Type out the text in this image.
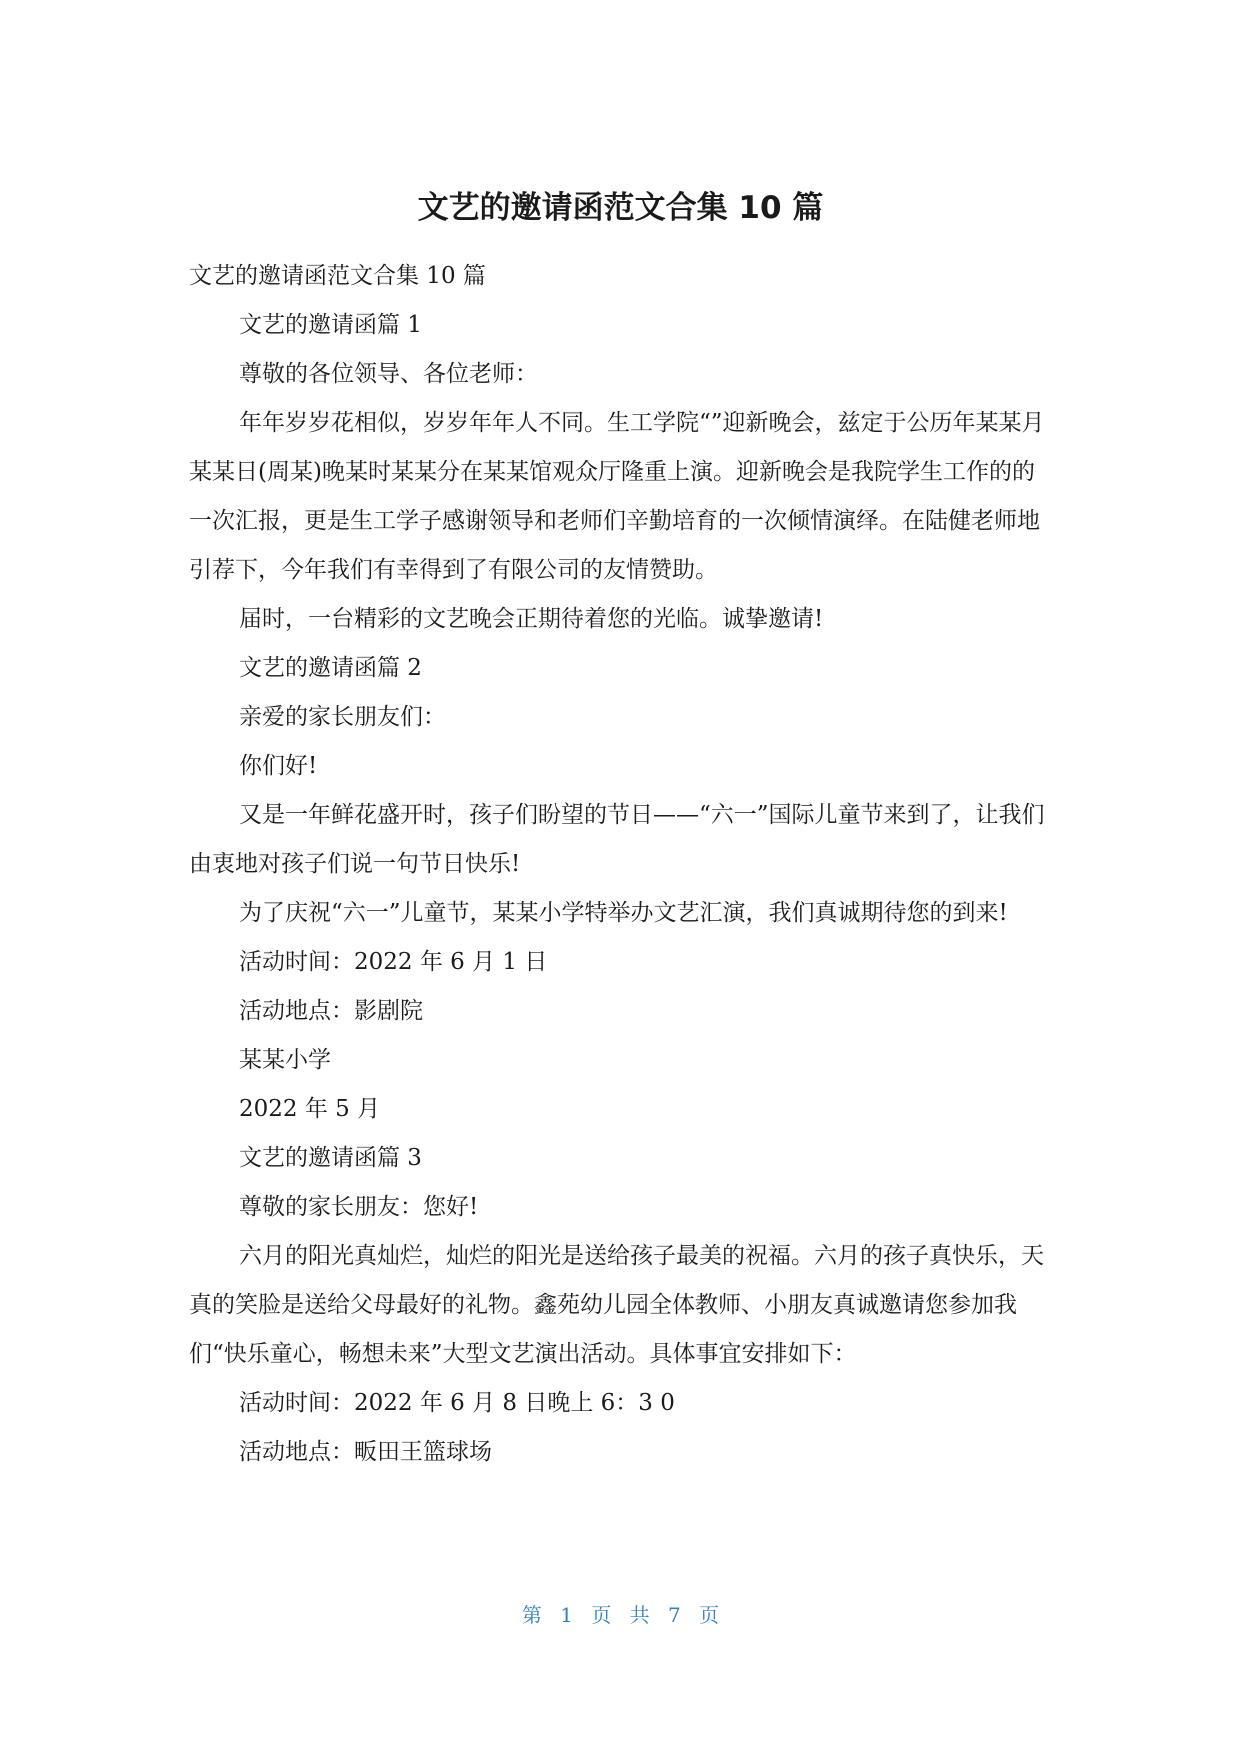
文艺的邀请函范文合集 10 篇

文艺的邀请函范文合集 10 篇

文艺的邀请函篇 1

尊敬的各位领导、各位老师：

年年岁岁花相似，岁岁年年人不同。生工学院“”迎新晚会，兹定于公历年某某月某某日(周某)晚某时某某分在某某馆观众厅隆重上演。迎新晚会是我院学生工作的的一次汇报，更是生工学子感谢领导和老师们辛勤培育的一次倾情演绎。在陆健老师地引荐下，今年我们有幸得到了有限公司的友情赞助。

届时，一台精彩的文艺晚会正期待着您的光临。诚挚邀请!

文艺的邀请函篇 2

亲爱的家长朋友们：

你们好!

又是一年鲜花盛开时，孩子们盼望的节日——“六一”国际儿童节来到了，让我们由衷地对孩子们说一句节日快乐!

为了庆祝“六一”儿童节，某某小学特举办文艺汇演，我们真诚期待您的到来!

活动时间：2022 年 6 月 1 日

活动地点：影剧院

某某小学

2022 年 5 月

文艺的邀请函篇 3

尊敬的家长朋友：您好!

六月的阳光真灿烂，灿烂的阳光是送给孩子最美的祝福。六月的孩子真快乐，天真的笑脸是送给父母最好的礼物。鑫苑幼儿园全体教师、小朋友真诚邀请您参加我们“快乐童心，畅想未来”大型文艺演出活动。具体事宜安排如下：

活动时间：2022 年 6 月 8 日晚上 6：3 0

活动地点：畈田王篮球场

第 1 页 共 7 页
